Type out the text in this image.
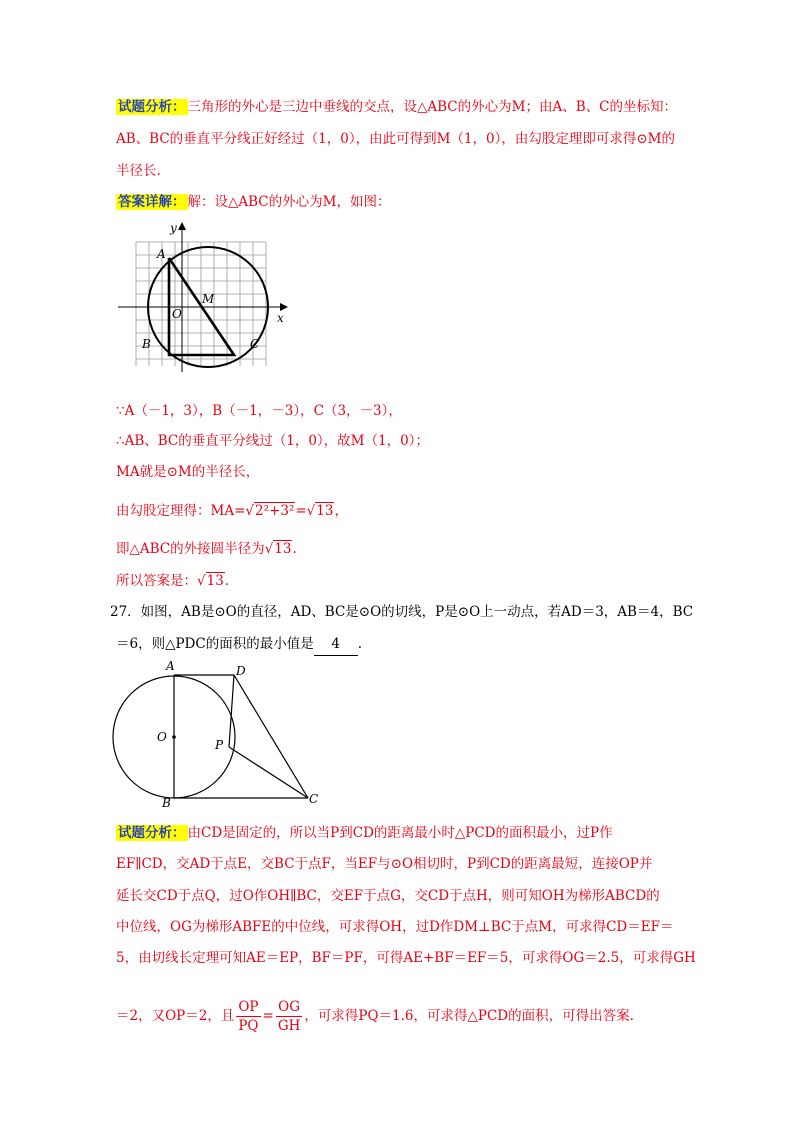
试题分析： 三角形的外心是三边中垂线的交点，设△ABC的外心为M；由A、B、C的坐标知：
AB、BC的垂直平分线正好经过（1，0），由此可得到M（1，0），由勾股定理即可求得⊙M的
半径长.
答案详解： 解：设△ABC的外心为M，如图：
y
x
A
B	C
O
M
∵A（－1，3），B（－1，－3），C（3，－3），
∴AB、BC的垂直平分线过（1，0），故M（1，0）；
MA就是⊙M的半径长，
由勾股定理得：MA=√2²+3²=√13，
即△ABC的外接圆半径为√13.
所以答案是：√13.
27．如图，AB是⊙O的直径，AD、BC是⊙O的切线，P是⊙O上一动点，若AD＝3，AB＝4，BC
＝6，则△PDC的面积的最小值是 4 .
A	D
O
P
B	C
试题分析： 由CD是固定的，所以当P到CD的距离最小时△PCD的面积最小，过P作
EF∥CD，交AD于点E，交BC于点F，当EF与⊙O相切时，P到CD的距离最短，连接OP并
延长交CD于点Q，过O作OH∥BC，交EF于点G，交CD于点H，则可知OH为梯形ABCD的
中位线，OG为梯形ABFE的中位线，可求得OH，过D作DM⊥BC于点M，可求得CD＝EF＝
5，由切线长定理可知AE＝EP，BF＝PF，可得AE+BF＝EF＝5，可求得OG＝2.5，可求得GH
＝2，又OP＝2，且 $\frac{OP}{PQ} = \frac{OG}{GH}$ ，可求得PQ＝1.6，可求得△PCD的面积，可得出答案.
